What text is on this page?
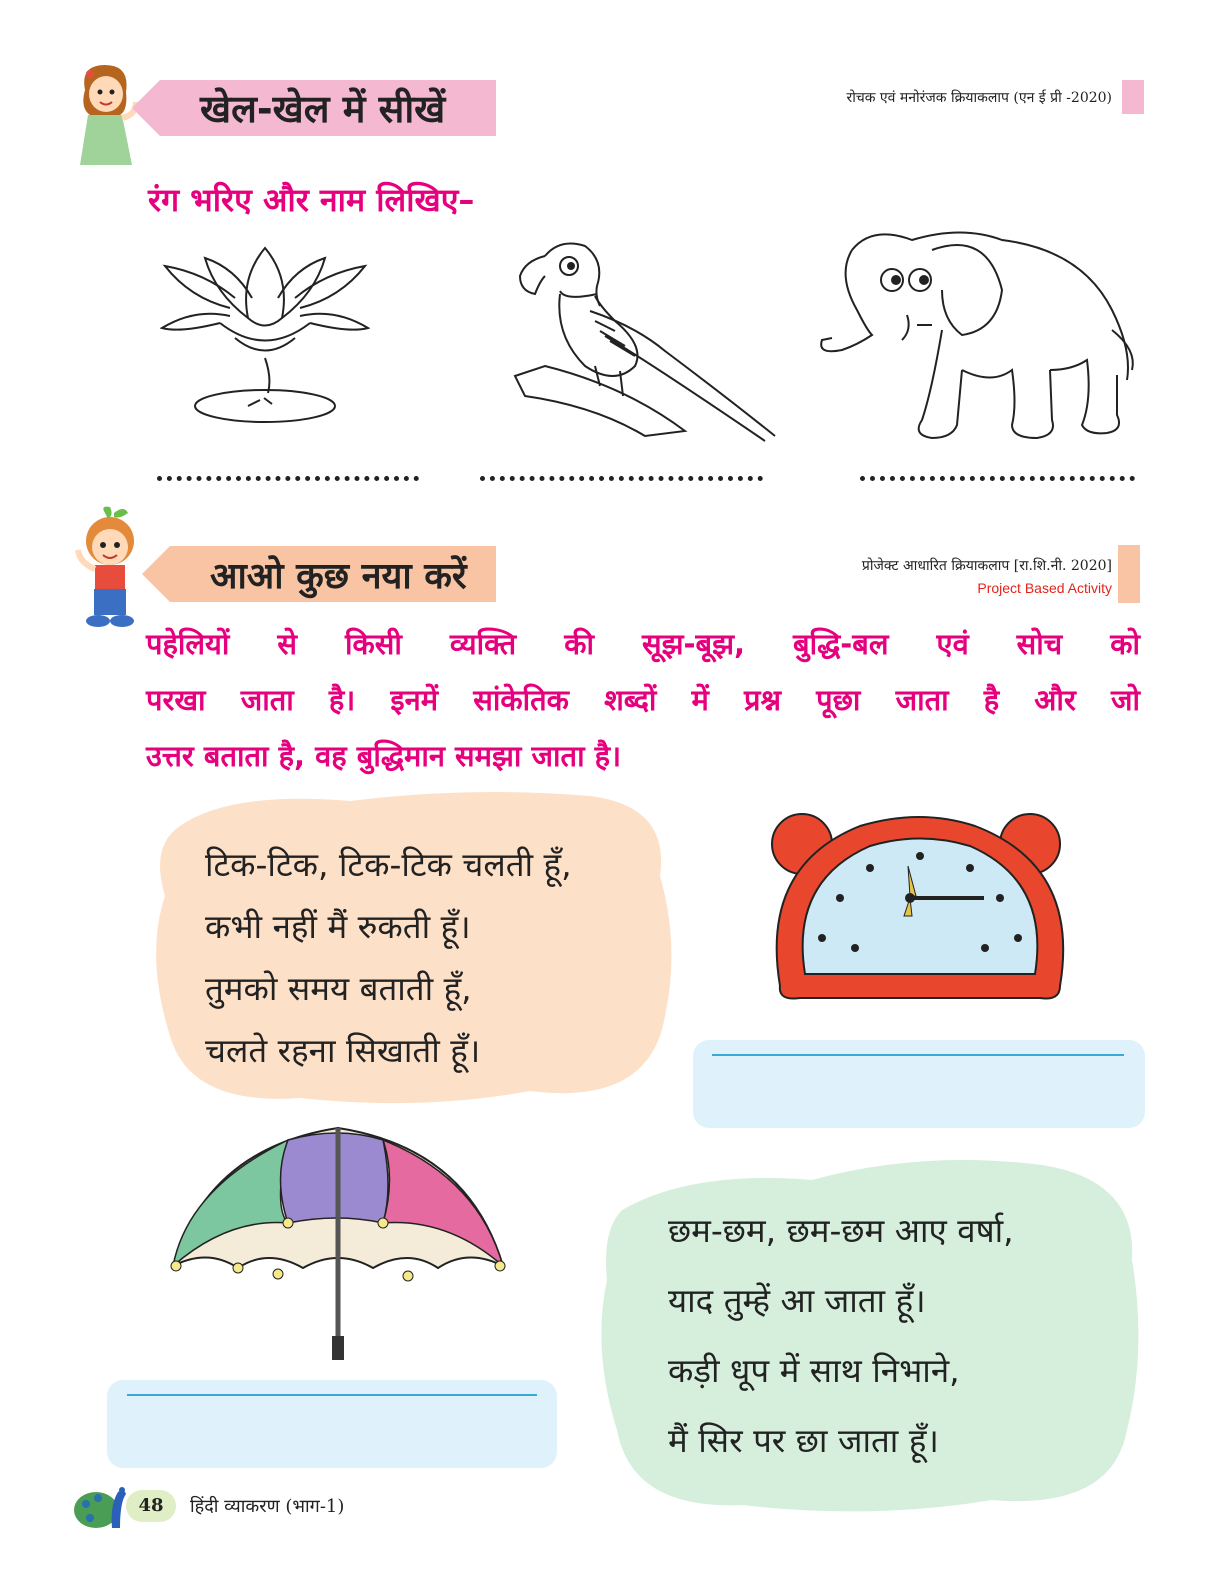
खेल-खेल में सीखें	रोचक एवं मनोरंजक क्रियाकलाप (एन ई प्री -2020)
रंग भरिए और नाम लिखिए–
आओ कुछ नया करें	प्रोजेक्ट आधारित क्रियाकलाप [रा.शि.नी. 2020]
Project Based Activity
पहेलियों से किसी व्यक्ति की सूझ-बूझ, बुद्धि-बल एवं सोच को
परखा जाता है। इनमें सांकेतिक शब्दों में प्रश्न पूछा जाता है और जो
उत्तर बताता है, वह बुद्धिमान समझा जाता है।
टिक-टिक, टिक-टिक चलती हूँ,
कभी नहीं मैं रुकती हूँ।
तुमको समय बताती हूँ,
चलते रहना सिखाती हूँ।
छम-छम, छम-छम आए वर्षा,
याद तुम्हें आ जाता हूँ।
कड़ी धूप में साथ निभाने,
मैं सिर पर छा जाता हूँ।
48	हिंदी व्याकरण (भाग-1)
